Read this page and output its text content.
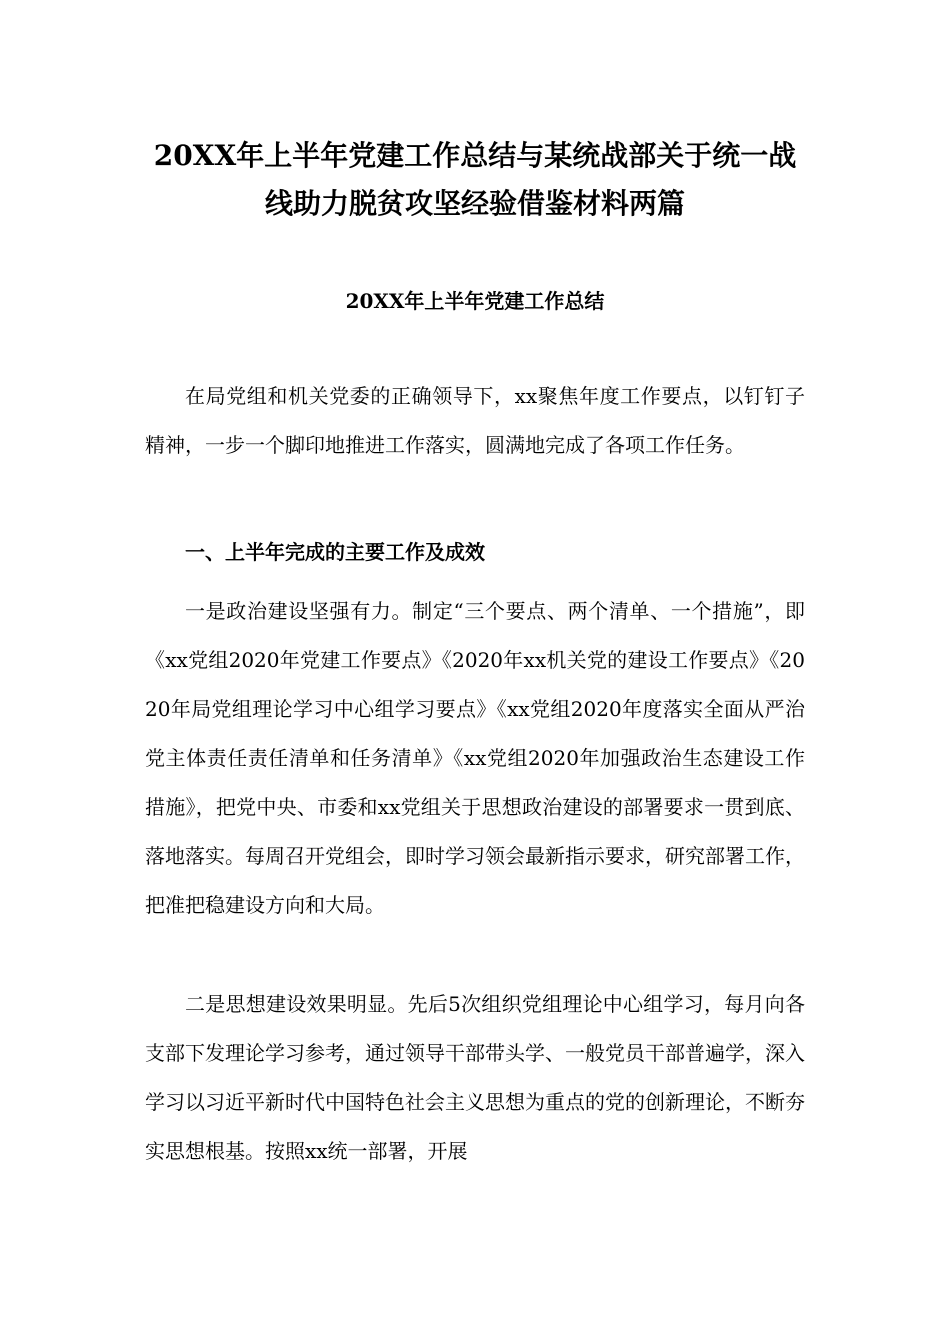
20XX年上半年党建工作总结与某统战部关于统一战线助力脱贫攻坚经验借鉴材料两篇
20XX年上半年党建工作总结

在局党组和机关党委的正确领导下，xx聚焦年度工作要点，以钉钉子精神，一步一个脚印地推进工作落实，圆满地完成了各项工作任务。

一、上半年完成的主要工作及成效

一是政治建设坚强有力。制定“三个要点、两个清单、一个措施”，即《xx党组2020年党建工作要点》《2020年xx机关党的建设工作要点》《2020年局党组理论学习中心组学习要点》《xx党组2020年度落实全面从严治党主体责任责任清单和任务清单》《xx党组2020年加强政治生态建设工作措施》，把党中央、市委和xx党组关于思想政治建设的部署要求一贯到底、落地落实。每周召开党组会，即时学习领会最新指示要求，研究部署工作，把准把稳建设方向和大局。

二是思想建设效果明显。先后5次组织党组理论中心组学习，每月向各支部下发理论学习参考，通过领导干部带头学、一般党员干部普遍学，深入学习以习近平新时代中国特色社会主义思想为重点的党的创新理论，不断夯实思想根基。按照xx统一部署，开展
